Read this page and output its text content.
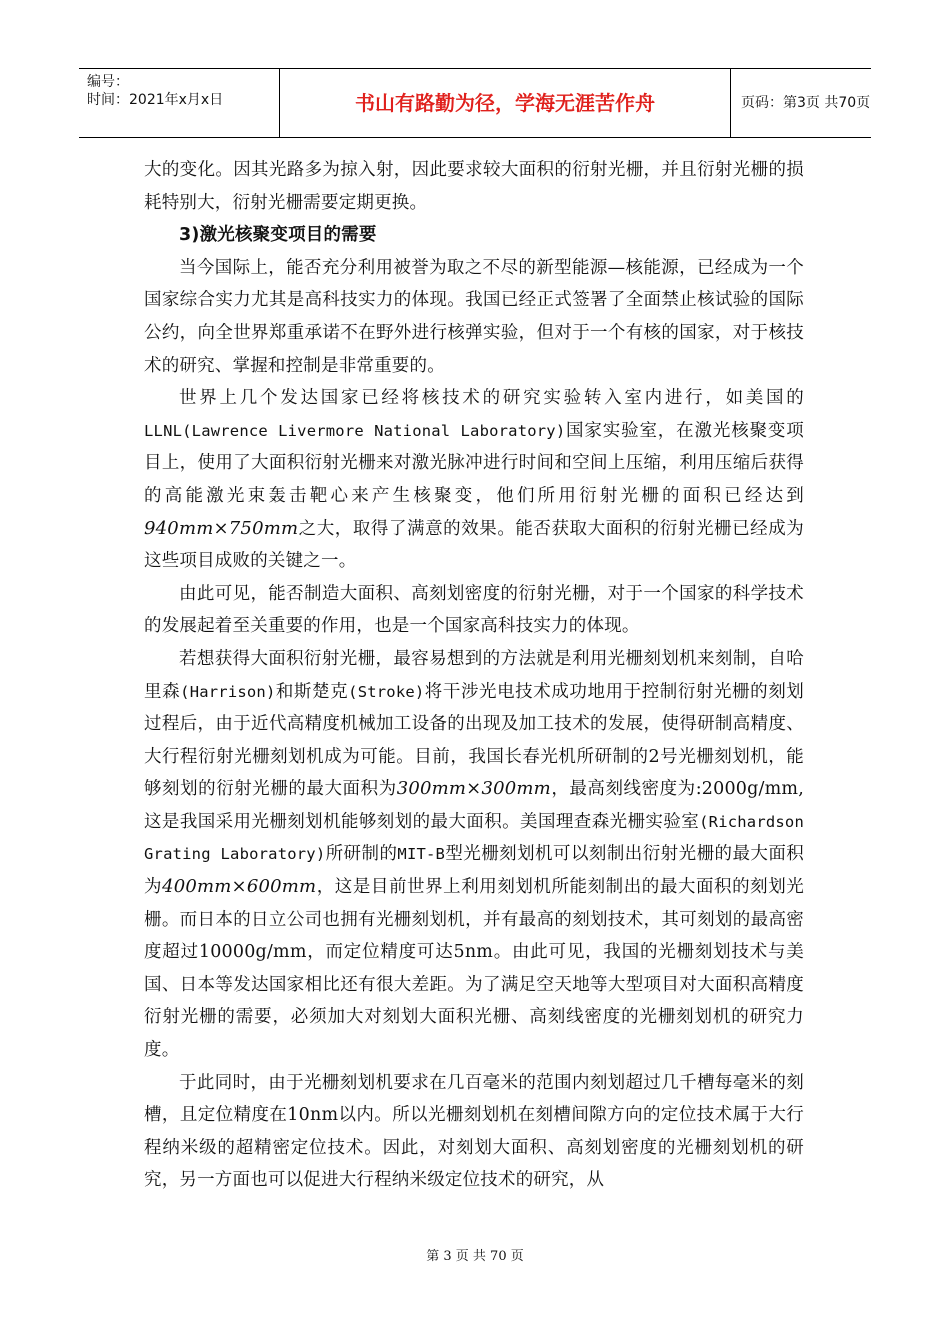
编号：
时间：2021年x月x日	书山有路勤为径，学海无涯苦作舟	页码：第3页 共70页

大的变化。因其光路多为掠入射，因此要求较大面积的衍射光栅，并且衍射光栅的损耗特别大，衍射光栅需要定期更换。

3)激光核聚变项目的需要

当今国际上，能否充分利用被誉为取之不尽的新型能源—核能源，已经成为一个国家综合实力尤其是高科技实力的体现。我国已经正式签署了全面禁止核试验的国际公约，向全世界郑重承诺不在野外进行核弹实验，但对于一个有核的国家，对于核技术的研究、掌握和控制是非常重要的。

世界上几个发达国家已经将核技术的研究实验转入室内进行，如美国的LLNL(Lawrence Livermore National Laboratory)国家实验室，在激光核聚变项目上，使用了大面积衍射光栅来对激光脉冲进行时间和空间上压缩，利用压缩后获得的高能激光束轰击靶心来产生核聚变，他们所用衍射光栅的面积已经达到940mm×750mm之大，取得了满意的效果。能否获取大面积的衍射光栅已经成为这些项目成败的关键之一。

由此可见，能否制造大面积、高刻划密度的衍射光栅，对于一个国家的科学技术的发展起着至关重要的作用，也是一个国家高科技实力的体现。

若想获得大面积衍射光栅，最容易想到的方法就是利用光栅刻划机来刻制，自哈里森(Harrison)和斯楚克(Stroke)将干涉光电技术成功地用于控制衍射光栅的刻划过程后，由于近代高精度机械加工设备的出现及加工技术的发展，使得研制高精度、大行程衍射光栅刻划机成为可能。目前，我国长春光机所研制的2号光栅刻划机，能够刻划的衍射光栅的最大面积为300mm×300mm，最高刻线密度为:2000g/mm,这是我国采用光栅刻划机能够刻划的最大面积。美国理查森光栅实验室(Richardson Grating Laboratory)所研制的MIT-B型光栅刻划机可以刻制出衍射光栅的最大面积为400mm×600mm，这是目前世界上利用刻划机所能刻制出的最大面积的刻划光栅。而日本的日立公司也拥有光栅刻划机，并有最高的刻划技术，其可刻划的最高密度超过10000g/mm，而定位精度可达5nm。由此可见，我国的光栅刻划技术与美国、日本等发达国家相比还有很大差距。为了满足空天地等大型项目对大面积高精度衍射光栅的需要，必须加大对刻划大面积光栅、高刻线密度的光栅刻划机的研究力度。

于此同时，由于光栅刻划机要求在几百毫米的范围内刻划超过几千槽每毫米的刻槽，且定位精度在10nm以内。所以光栅刻划机在刻槽间隙方向的定位技术属于大行程纳米级的超精密定位技术。因此，对刻划大面积、高刻划密度的光栅刻划机的研究，另一方面也可以促进大行程纳米级定位技术的研究，从

第 3 页 共 70 页
